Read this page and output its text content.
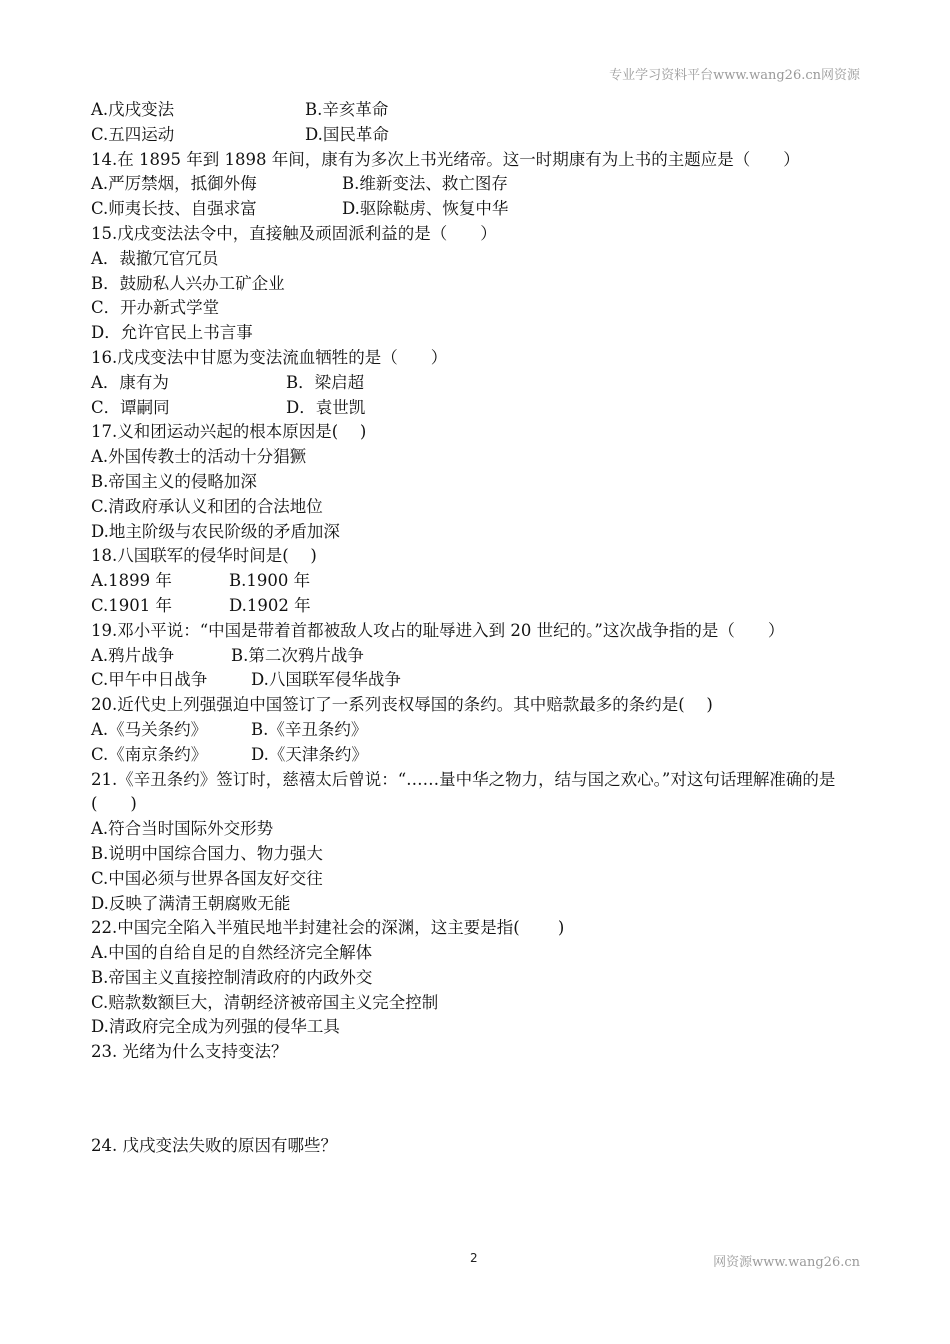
专业学习资料平台www.wang26.cn网资源
A.戊戌变法	B.辛亥革命
C.五四运动	D.国民革命
14.在 1895 年到 1898 年间，康有为多次上书光绪帝。这一时期康有为上书的主题应是（　　）
A.严厉禁烟，抵御外侮	B.维新变法、救亡图存
C.师夷长技、自强求富	D.驱除鞑虏、恢复中华
15.戊戌变法法令中，直接触及顽固派利益的是（　　）
A．裁撤冗官冗员
B．鼓励私人兴办工矿企业
C．开办新式学堂
D．允许官民上书言事
16.戊戌变法中甘愿为变法流血牺牲的是（　　）
A．康有为	B．梁启超
C．谭嗣同	D．袁世凯
17.义和团运动兴起的根本原因是(　 )
A.外国传教士的活动十分猖獗
B.帝国主义的侵略加深
C.清政府承认义和团的合法地位
D.地主阶级与农民阶级的矛盾加深
18.八国联军的侵华时间是(　 )
A.1899 年	B.1900 年
C.1901 年	D.1902 年
19.邓小平说：“中国是带着首都被敌人攻占的耻辱进入到 20 世纪的。”这次战争指的是（　　）
A.鸦片战争	B.第二次鸦片战争
C.甲午中日战争	D.八国联军侵华战争
20.近代史上列强强迫中国签订了一系列丧权辱国的条约。其中赔款最多的条约是(　 )
A.《马关条约》	B.《辛丑条约》
C.《南京条约》	D.《天津条约》
21.《辛丑条约》签订时，慈禧太后曾说：“……量中华之物力，结与国之欢心。”对这句话理解准确的是(　　)
A.符合当时国际外交形势
B.说明中国综合国力、物力强大
C.中国必须与世界各国友好交往
D.反映了满清王朝腐败无能
22.中国完全陷入半殖民地半封建社会的深渊，这主要是指(　　 )
A.中国的自给自足的自然经济完全解体
B.帝国主义直接控制清政府的内政外交
C.赔款数额巨大，清朝经济被帝国主义完全控制
D.清政府完全成为列强的侵华工具
23. 光绪为什么支持变法？
24. 戊戌变法失败的原因有哪些？
2	网资源www.wang26.cn
